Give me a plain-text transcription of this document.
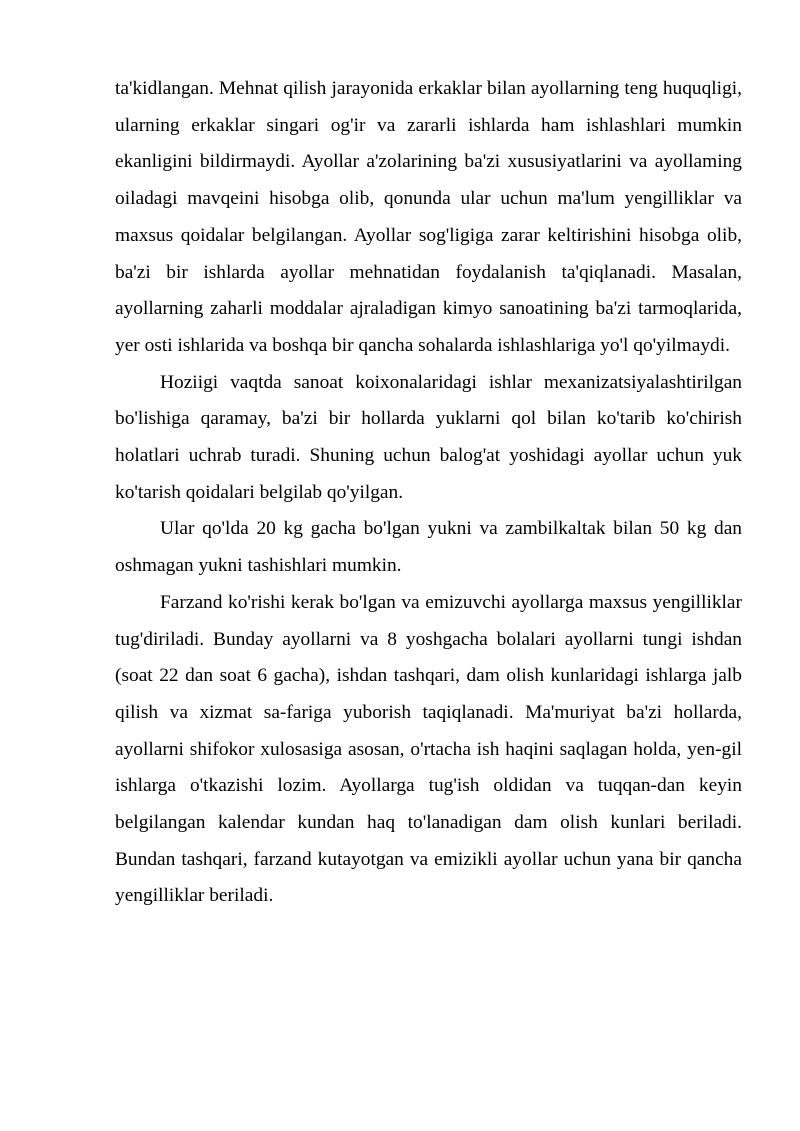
ta'kidlangan. Mehnat qilish jarayonida erkaklar bilan ayollarning teng huquqligi, ularning erkaklar singari og'ir va zararli ishlarda ham ishlashlari mumkin ekanligini bildirmaydi. Ayollar a'zolarining ba'zi xususiyatlarini va ayollaming oiladagi mavqeini hisobga olib, qonunda ular uchun ma'lum yengilliklar va maxsus qoidalar belgilangan. Ayollar sog'ligiga zarar keltirishini hisobga olib, ba'zi bir ishlarda ayollar mehnatidan foydalanish ta'qiqlanadi. Masalan, ayollarning zaharli moddalar ajraladigan kimyo sanoatining ba'zi tarmoqlarida, yer osti ishlarida va boshqa bir qancha sohalarda ishlashlariga yo'l qo'yilmaydi.

Hoziigi vaqtda sanoat koixonalaridagi ishlar mexanizatsiyalashtirilgan bo'lishiga qaramay, ba'zi bir hollarda yuklarni qol bilan ko'tarib ko'chirish holatlari uchrab turadi. Shuning uchun balog'at yoshidagi ayollar uchun yuk ko'tarish qoidalari belgilab qo'yilgan.

Ular qo'lda 20 kg gacha bo'lgan yukni va zambilkaltak bilan 50 kg dan oshmagan yukni tashishlari mumkin.

Farzand ko'rishi kerak bo'lgan va emizuvchi ayollarga maxsus yengilliklar tug'diriladi. Bunday ayollarni va 8 yoshgacha bolalari ayollarni tungi ishdan (soat 22 dan soat 6 gacha), ishdan tashqari, dam olish kunlaridagi ishlarga jalb qilish va xizmat sa-fariga yuborish taqiqlanadi. Ma'muriyat ba'zi hollarda, ayollarni shifokor xulosasiga asosan, o'rtacha ish haqini saqlagan holda, yen-gil ishlarga o'tkazishi lozim. Ayollarga tug'ish oldidan va tuqqan-dan keyin belgilangan kalendar kundan haq to'lanadigan dam olish kunlari beriladi. Bundan tashqari, farzand kutayotgan va emizikli ayollar uchun yana bir qancha yengilliklar beriladi.
